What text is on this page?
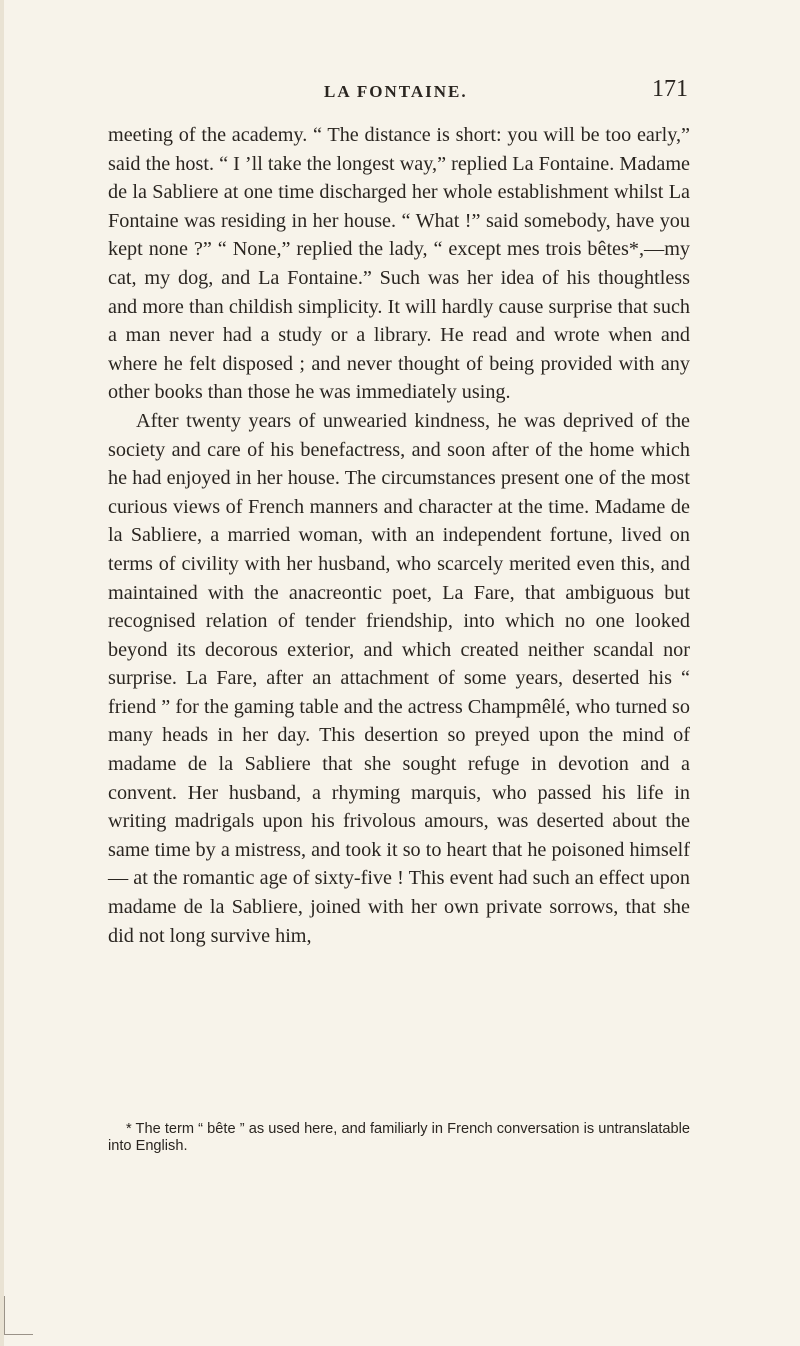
LA FONTAINE.	171

meeting of the academy. “ The distance is short: you will be too early,” said the host. “ I ’ll take the longest way,” replied La Fontaine. Madame de la Sabliere at one time discharged her whole establishment whilst La Fontaine was residing in her house. “ What !” said somebody, have you kept none ?” “ None,” replied the lady, “ except mes trois bêtes*,—my cat, my dog, and La Fontaine.” Such was her idea of his thoughtless and more than childish simplicity. It will hardly cause surprise that such a man never had a study or a library. He read and wrote when and where he felt disposed ; and never thought of being provided with any other books than those he was immediately using.

After twenty years of unwearied kindness, he was deprived of the society and care of his benefactress, and soon after of the home which he had enjoyed in her house. The circumstances present one of the most curious views of French manners and character at the time. Madame de la Sabliere, a married woman, with an independent fortune, lived on terms of civility with her husband, who scarcely merited even this, and maintained with the anacreontic poet, La Fare, that ambiguous but recognised relation of tender friendship, into which no one looked beyond its decorous exterior, and which created neither scandal nor surprise. La Fare, after an attachment of some years, deserted his “ friend ” for the gaming table and the actress Champmêlé, who turned so many heads in her day. This desertion so preyed upon the mind of madame de la Sabliere that she sought refuge in devotion and a convent. Her husband, a rhyming marquis, who passed his life in writing madrigals upon his frivolous amours, was deserted about the same time by a mistress, and took it so to heart that he poisoned himself — at the romantic age of sixty-five ! This event had such an effect upon madame de la Sabliere, joined with her own private sorrows, that she did not long survive him,

* The term “ bête ” as used here, and familiarly in French conversation is untranslatable into English.
